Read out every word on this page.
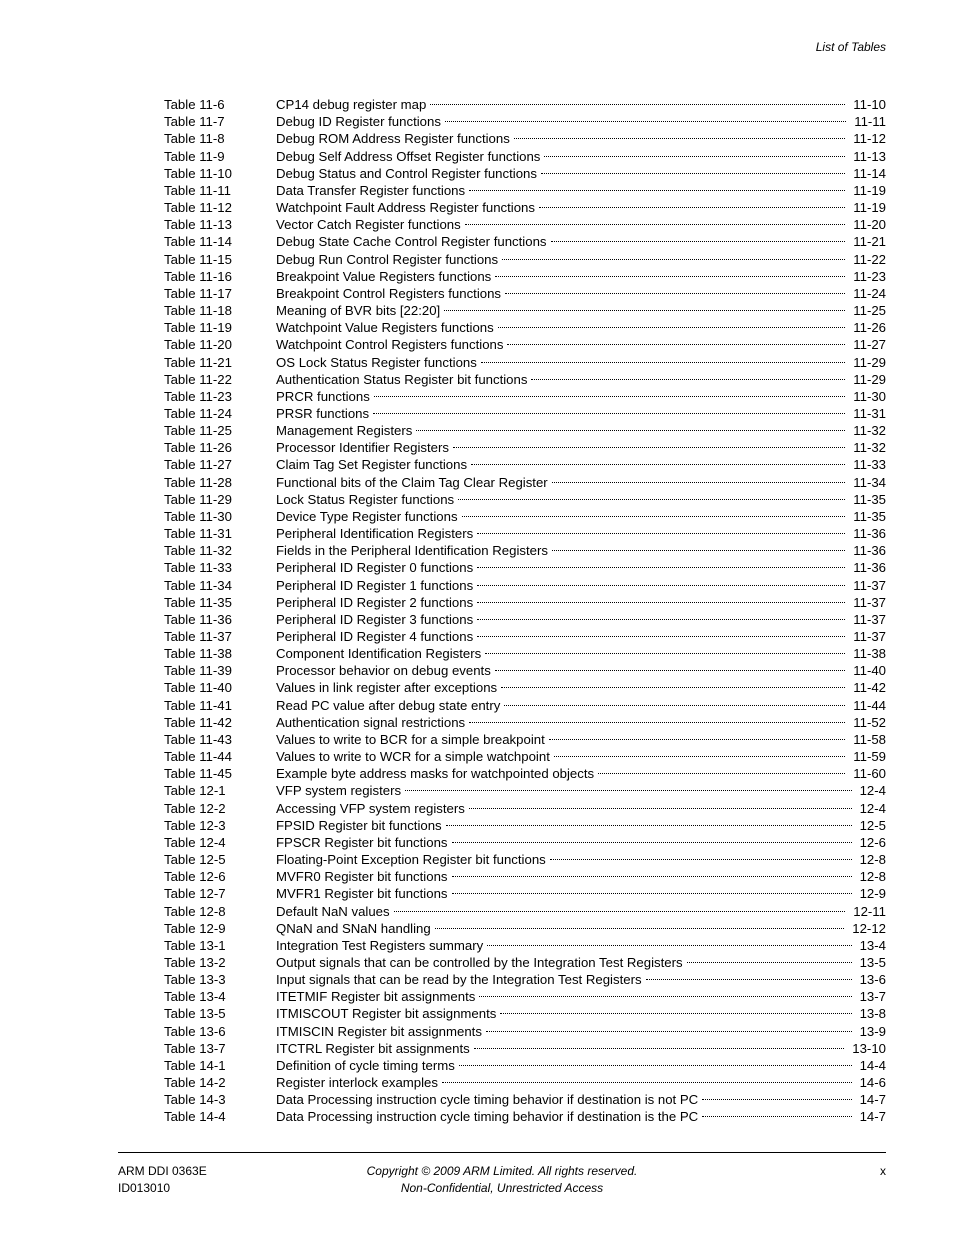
List of Tables
Table 11-6	CP14 debug register map	11-10
Table 11-7	Debug ID Register functions	11-11
Table 11-8	Debug ROM Address Register functions	11-12
Table 11-9	Debug Self Address Offset Register functions	11-13
Table 11-10	Debug Status and Control Register functions	11-14
Table 11-11	Data Transfer Register functions	11-19
Table 11-12	Watchpoint Fault Address Register functions	11-19
Table 11-13	Vector Catch Register functions	11-20
Table 11-14	Debug State Cache Control Register functions	11-21
Table 11-15	Debug Run Control Register functions	11-22
Table 11-16	Breakpoint Value Registers functions	11-23
Table 11-17	Breakpoint Control Registers functions	11-24
Table 11-18	Meaning of BVR bits [22:20]	11-25
Table 11-19	Watchpoint Value Registers functions	11-26
Table 11-20	Watchpoint Control Registers functions	11-27
Table 11-21	OS Lock Status Register functions	11-29
Table 11-22	Authentication Status Register bit functions	11-29
Table 11-23	PRCR functions	11-30
Table 11-24	PRSR functions	11-31
Table 11-25	Management Registers	11-32
Table 11-26	Processor Identifier Registers	11-32
Table 11-27	Claim Tag Set Register functions	11-33
Table 11-28	Functional bits of the Claim Tag Clear Register	11-34
Table 11-29	Lock Status Register functions	11-35
Table 11-30	Device Type Register functions	11-35
Table 11-31	Peripheral Identification Registers	11-36
Table 11-32	Fields in the Peripheral Identification Registers	11-36
Table 11-33	Peripheral ID Register 0 functions	11-36
Table 11-34	Peripheral ID Register 1 functions	11-37
Table 11-35	Peripheral ID Register 2 functions	11-37
Table 11-36	Peripheral ID Register 3 functions	11-37
Table 11-37	Peripheral ID Register 4 functions	11-37
Table 11-38	Component Identification Registers	11-38
Table 11-39	Processor behavior on debug events	11-40
Table 11-40	Values in link register after exceptions	11-42
Table 11-41	Read PC value after debug state entry	11-44
Table 11-42	Authentication signal restrictions	11-52
Table 11-43	Values to write to BCR for a simple breakpoint	11-58
Table 11-44	Values to write to WCR for a simple watchpoint	11-59
Table 11-45	Example byte address masks for watchpointed objects	11-60
Table 12-1	VFP system registers	12-4
Table 12-2	Accessing VFP system registers	12-4
Table 12-3	FPSID Register bit functions	12-5
Table 12-4	FPSCR Register bit functions	12-6
Table 12-5	Floating-Point Exception Register bit functions	12-8
Table 12-6	MVFR0 Register bit functions	12-8
Table 12-7	MVFR1 Register bit functions	12-9
Table 12-8	Default NaN values	12-11
Table 12-9	QNaN and SNaN handling	12-12
Table 13-1	Integration Test Registers summary	13-4
Table 13-2	Output signals that can be controlled by the Integration Test Registers	13-5
Table 13-3	Input signals that can be read by the Integration Test Registers	13-6
Table 13-4	ITETMIF Register bit assignments	13-7
Table 13-5	ITMISCOUT Register bit assignments	13-8
Table 13-6	ITMISCIN Register bit assignments	13-9
Table 13-7	ITCTRL Register bit assignments	13-10
Table 14-1	Definition of cycle timing terms	14-4
Table 14-2	Register interlock examples	14-6
Table 14-3	Data Processing instruction cycle timing behavior if destination is not PC	14-7
Table 14-4	Data Processing instruction cycle timing behavior if destination is the PC	14-7
ARM DDI 0363E
ID013010
Copyright © 2009 ARM Limited. All rights reserved.
Non-Confidential, Unrestricted Access
x
